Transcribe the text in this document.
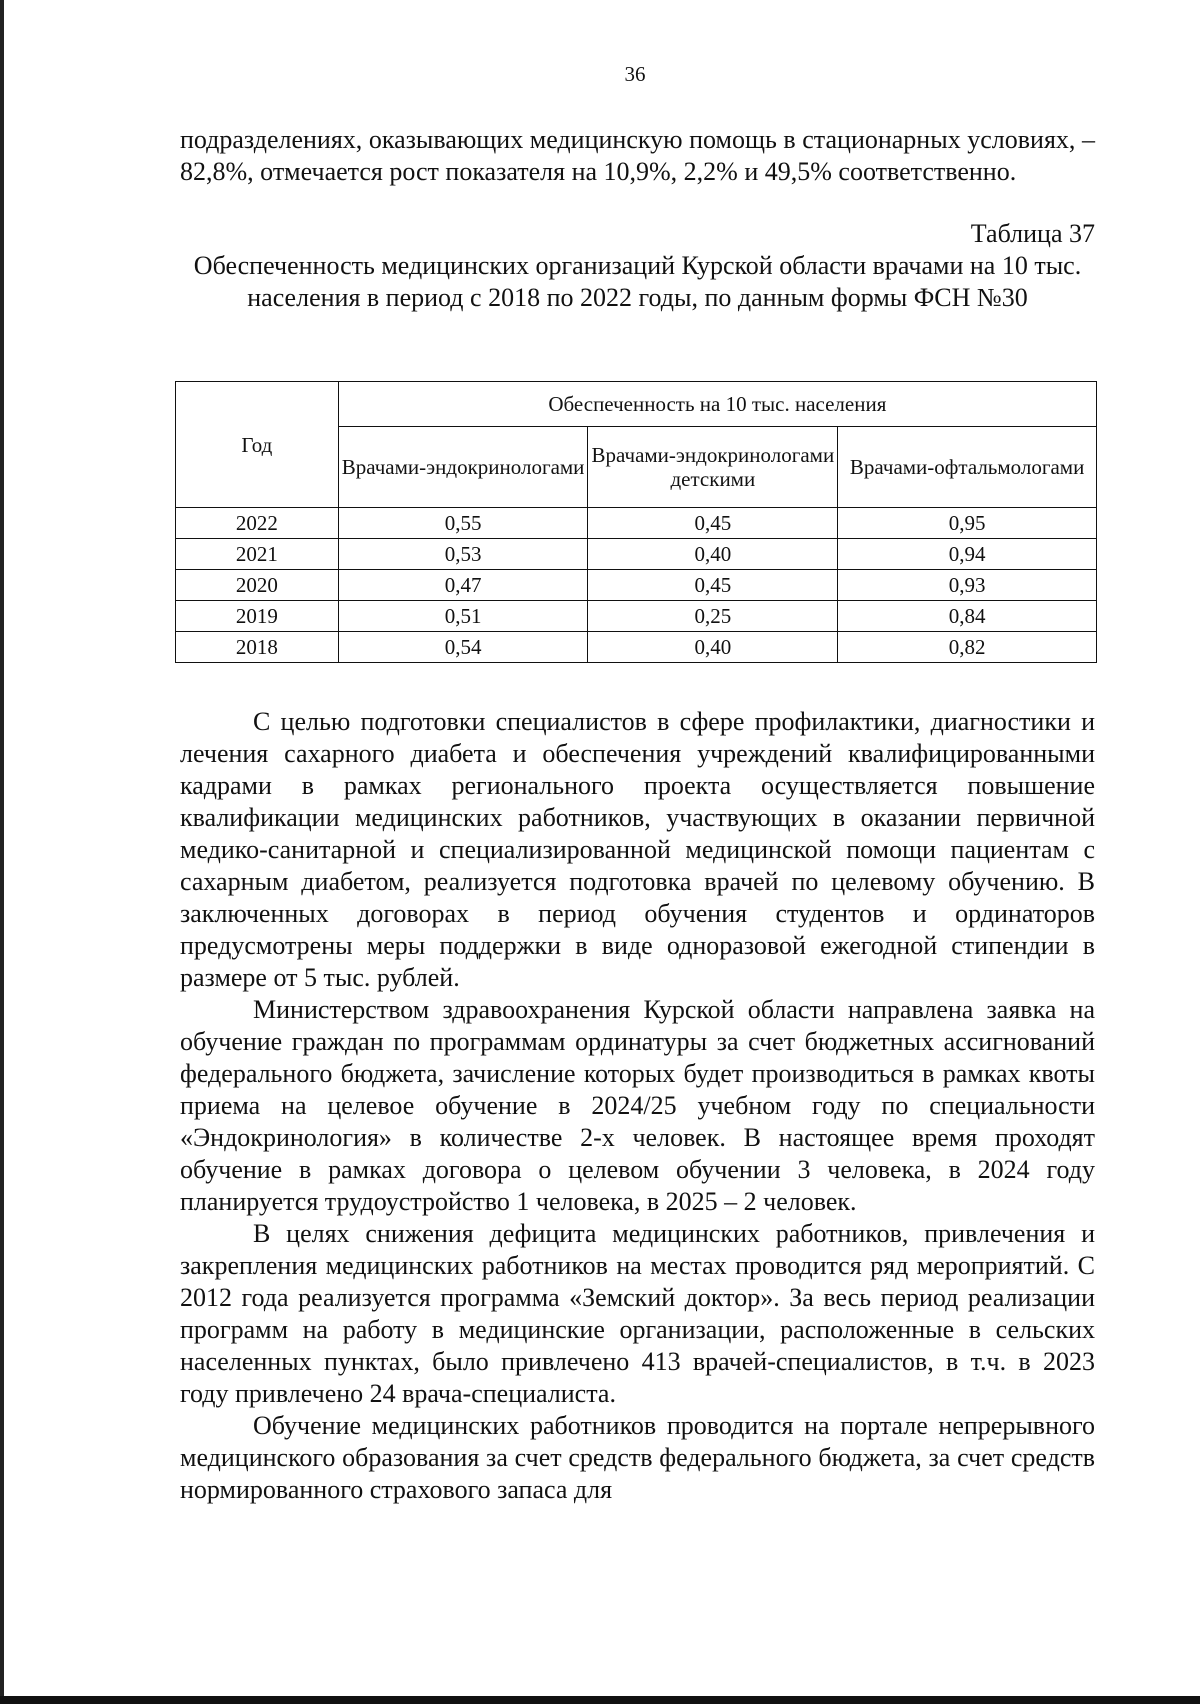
36

подразделениях, оказывающих медицинскую помощь в стационарных условиях, – 82,8%, отмечается рост показателя на 10,9%, 2,2% и 49,5% соответственно.

Таблица 37
Обеспеченность медицинских организаций Курской области врачами на 10 тыс. населения в период с 2018 по 2022 годы, по данным формы ФСН №30
Год	Обеспеченность на 10 тыс. населения		
	Врачами-эндокринологами	Врачами-эндокринологами детскими	Врачами-офтальмологами
2022	0,55	0,45	0,95
2021	0,53	0,40	0,94
2020	0,47	0,45	0,93
2019	0,51	0,25	0,84
2018	0,54	0,40	0,82

С целью подготовки специалистов в сфере профилактики, диагностики и лечения сахарного диабета и обеспечения учреждений квалифицированными кадрами в рамках регионального проекта осуществляется повышение квалификации медицинских работников, участвующих в оказании первичной медико-санитарной и специализированной медицинской помощи пациентам с сахарным диабетом, реализуется подготовка врачей по целевому обучению. В заключенных договорах в период обучения студентов и ординаторов предусмотрены меры поддержки в виде одноразовой ежегодной стипендии в размере от 5 тыс. рублей.

Министерством здравоохранения Курской области направлена заявка на обучение граждан по программам ординатуры за счет бюджетных ассигнований федерального бюджета, зачисление которых будет производиться в рамках квоты приема на целевое обучение в 2024/25 учебном году по специальности «Эндокринология» в количестве 2-х человек. В настоящее время проходят обучение в рамках договора о целевом обучении 3 человека, в 2024 году планируется трудоустройство 1 человека, в 2025 – 2 человек.

В целях снижения дефицита медицинских работников, привлечения и закрепления медицинских работников на местах проводится ряд мероприятий. С 2012 года реализуется программа «Земский доктор». За весь период реализации программ на работу в медицинские организации, расположенные в сельских населенных пунктах, было привлечено 413 врачей-специалистов, в т.ч. в 2023 году привлечено 24 врача-специалиста.

Обучение медицинских работников проводится на портале непрерывного медицинского образования за счет средств федерального бюджета, за счет средств нормированного страхового запаса для
